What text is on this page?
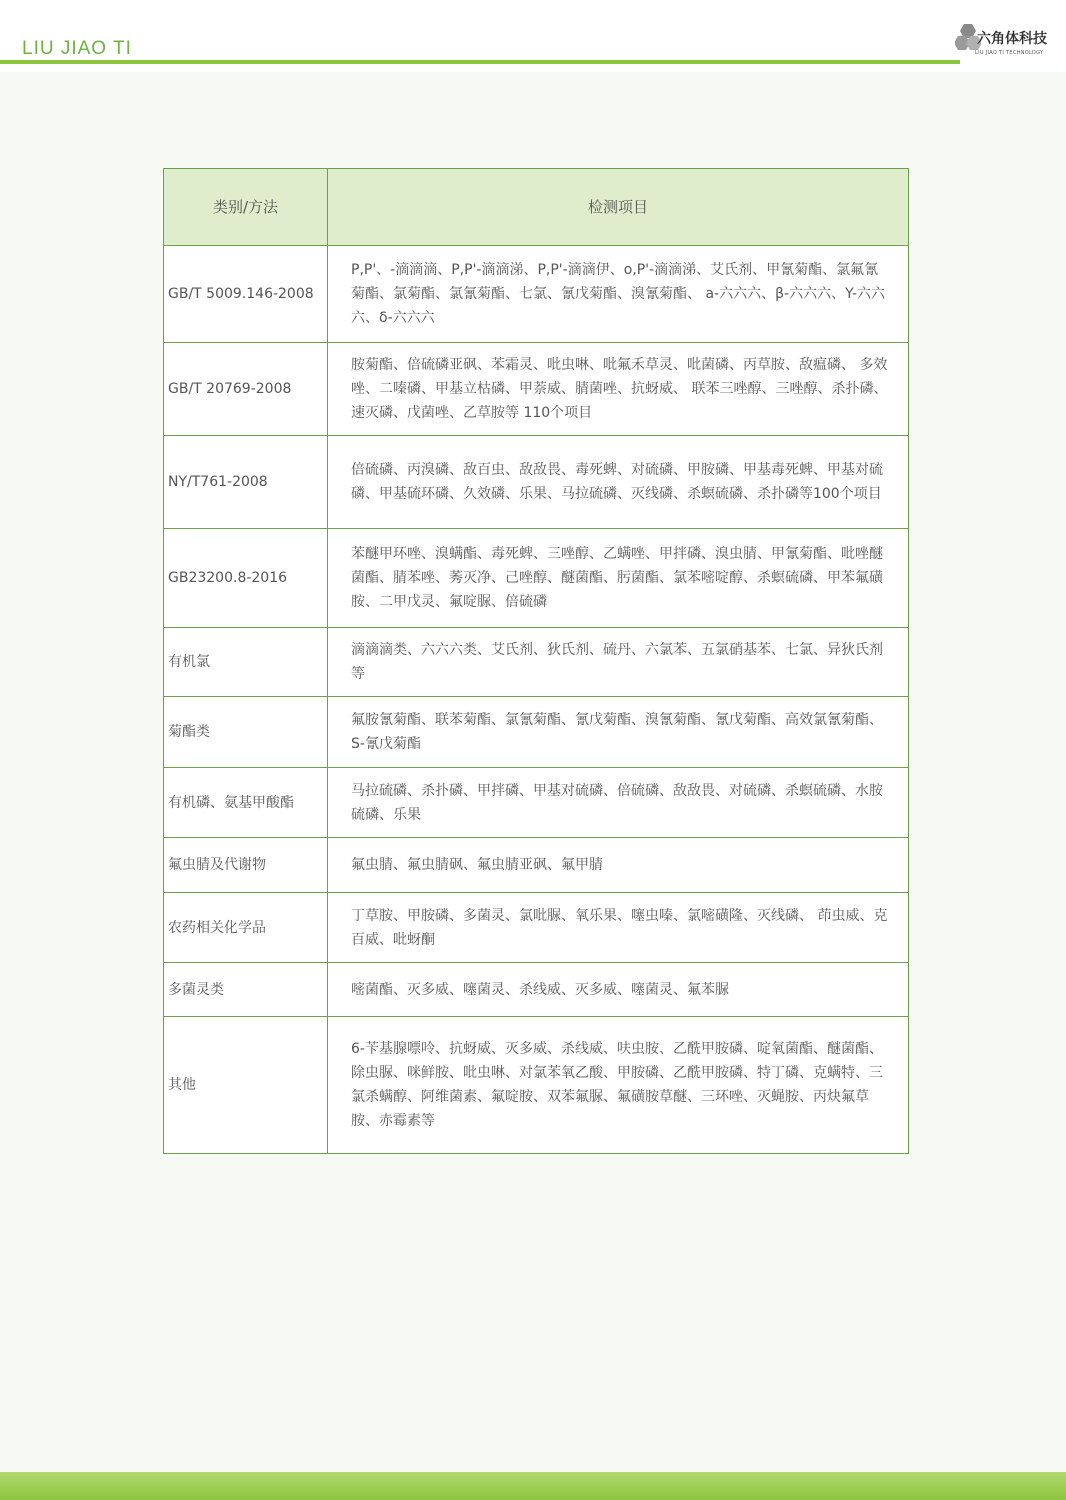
LIU JIAO TI	六角体科技
LIU JIAO TI TECHNOLOGY
类别/方法	检测项目
GB/T 5009.146-2008	P,P'、-滴滴滴、P,P'-滴滴涕、P,P'-滴滴伊、o,P'-滴滴涕、艾氏剂、甲氰菊酯、氯氟氰菊酯、氯菊酯、氯氰菊酯、七氯、氰戊菊酯、溴氰菊酯、 a-六六六、β-六六六、Y-六六六、δ-六六六
GB/T 20769-2008	胺菊酯、倍硫磷亚砜、苯霜灵、吡虫啉、吡氟禾草灵、吡菌磷、丙草胺、敌瘟磷、 多效唑、二嗪磷、甲基立枯磷、甲萘威、腈菌唑、抗蚜威、 联苯三唑醇、三唑醇、杀扑磷、速灭磷、戊菌唑、乙草胺等 110个项目
NY/T761-2008	倍硫磷、丙溴磷、敌百虫、敌敌畏、毒死蜱、对硫磷、甲胺磷、甲基毒死蜱、甲基对硫磷、甲基硫环磷、久效磷、乐果、马拉硫磷、灭线磷、杀螟硫磷、杀扑磷等100个项目
GB23200.8-2016	苯醚甲环唑、溴螨酯、毒死蜱、三唑醇、乙螨唑、甲拌磷、溴虫腈、甲氰菊酯、吡唑醚菌酯、腈苯唑、莠灭净、己唑醇、醚菌酯、肟菌酯、氯苯嘧啶醇、杀螟硫磷、甲苯氟磺胺、二甲戊灵、氟啶脲、倍硫磷
有机氯	滴滴滴类、六六六类、艾氏剂、狄氏剂、硫丹、六氯苯、五氯硝基苯、七氯、异狄氏剂等
菊酯类	氟胺氰菊酯、联苯菊酯、氯氰菊酯、氰戊菊酯、溴氰菊酯、氰戊菊酯、高效氯氰菊酯、S-氰戊菊酯
有机磷、氨基甲酸酯	马拉硫磷、杀扑磷、甲拌磷、甲基对硫磷、倍硫磷、敌敌畏、对硫磷、杀螟硫磷、水胺硫磷、乐果
氟虫腈及代谢物	氟虫腈、氟虫腈砜、氟虫腈亚砜、氟甲腈
农药相关化学品	丁草胺、甲胺磷、多菌灵、氯吡脲、氧乐果、噻虫嗪、氯嘧磺隆、灭线磷、 茚虫威、克百威、吡蚜酮
多菌灵类	嘧菌酯、灭多威、噻菌灵、杀线威、灭多威、噻菌灵、氟苯脲
其他	6-苄基腺嘌呤、抗蚜威、灭多威、杀线威、呋虫胺、乙酰甲胺磷、啶氧菌酯、醚菌酯、除虫脲、咪鲜胺、吡虫啉、对氯苯氧乙酸、甲胺磷、乙酰甲胺磷、特丁磷、克螨特、三氯杀螨醇、阿维菌素、氟啶胺、双苯氟脲、氟磺胺草醚、三环唑、灭蝇胺、丙炔氟草胺、赤霉素等
